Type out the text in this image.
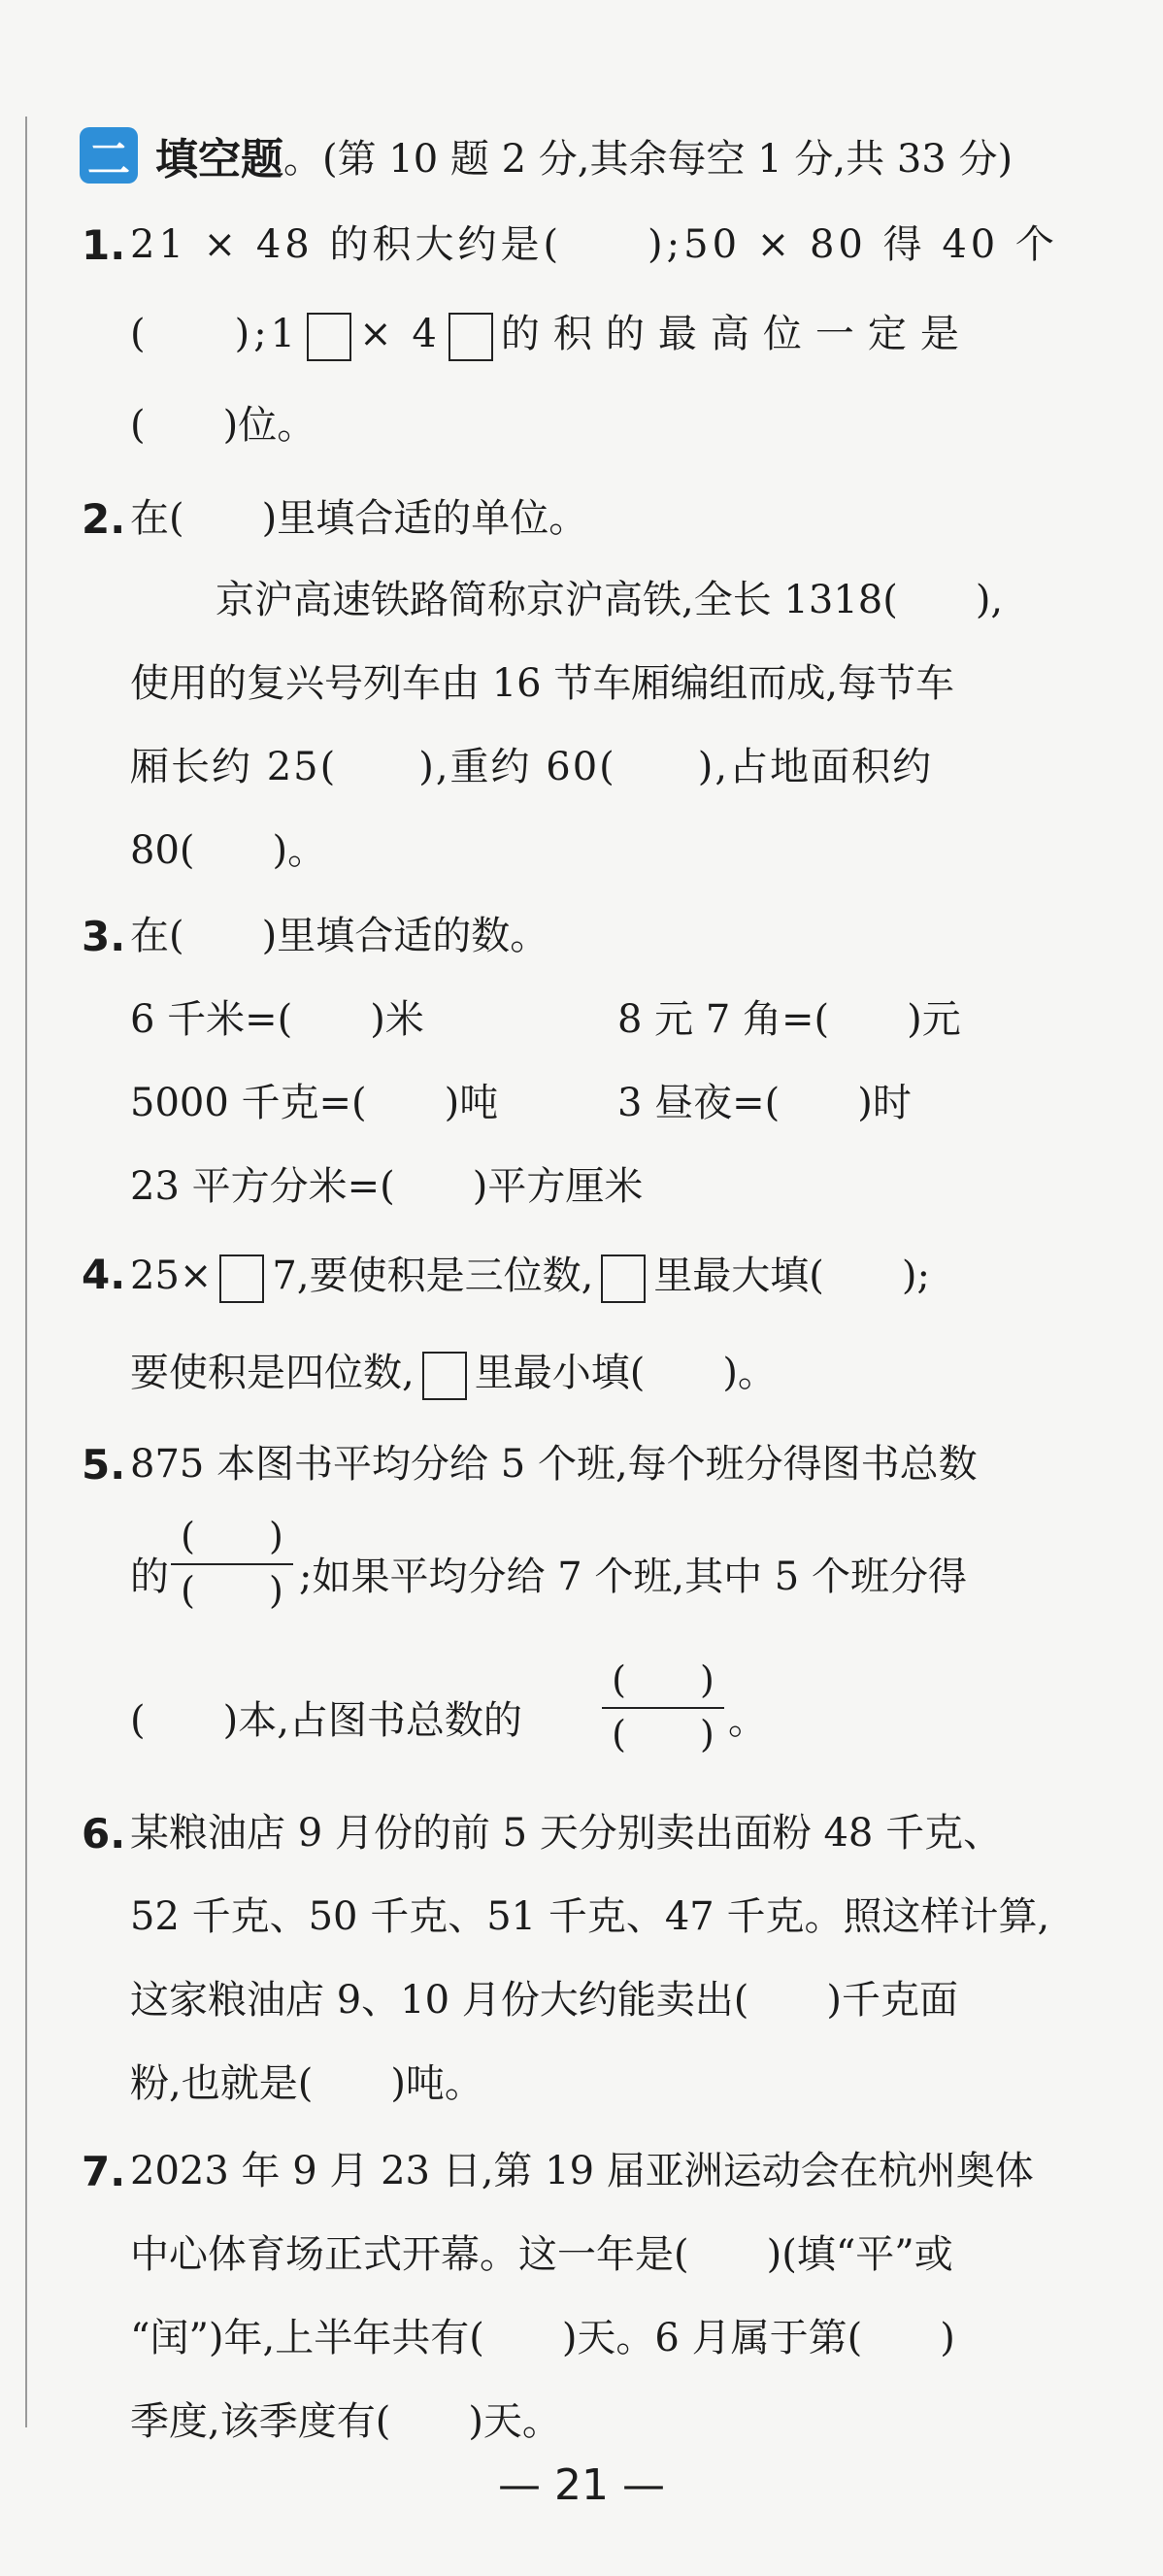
二 填空题 。(第 10 题 2 分,其余每空 1 分,共 33 分)
1. 21 × 48 的积大约是(　　);50 × 80 得 40 个
(　　);1 × 4 的积的最高位一定是
(　　)位。
2. 在(　　)里填合适的单位。
京沪高速铁路简称京沪高铁,全长 1318(　　),
使用的复兴号列车由 16 节车厢编组而成,每节车
厢长约 25(　　),重约 60(　　),占地面积约
80(　　)。
3. 在(　　)里填合适的数。
6 千米=(　　)米	8 元 7 角=(　　)元
5000 千克=(　　)吨	3 昼夜=(　　)时
23 平方分米=(　　)平方厘米
4. 25× 7,要使积是三位数, 里最大填(　　);
要使积是四位数, 里最小填(　　)。
5. 875 本图书平均分给 5 个班,每个班分得图书总数
的
(　　)
(　　) ;如果平均分给 7 个班,其中 5 个班分得
(　　)本,占图书总数的
(　　)
(　　) 。
6. 某粮油店 9 月份的前 5 天分别卖出面粉 48 千克、
52 千克、50 千克、51 千克、47 千克。照这样计算,
这家粮油店 9、10 月份大约能卖出(　　)千克面
粉,也就是(　　)吨。
7. 2023 年 9 月 23 日,第 19 届亚洲运动会在杭州奥体
中心体育场正式开幕。这一年是(　　)(填“平”或
“闰”)年,上半年共有(　　)天。6 月属于第(　　)
季度,该季度有(　　)天。
— 21 —
